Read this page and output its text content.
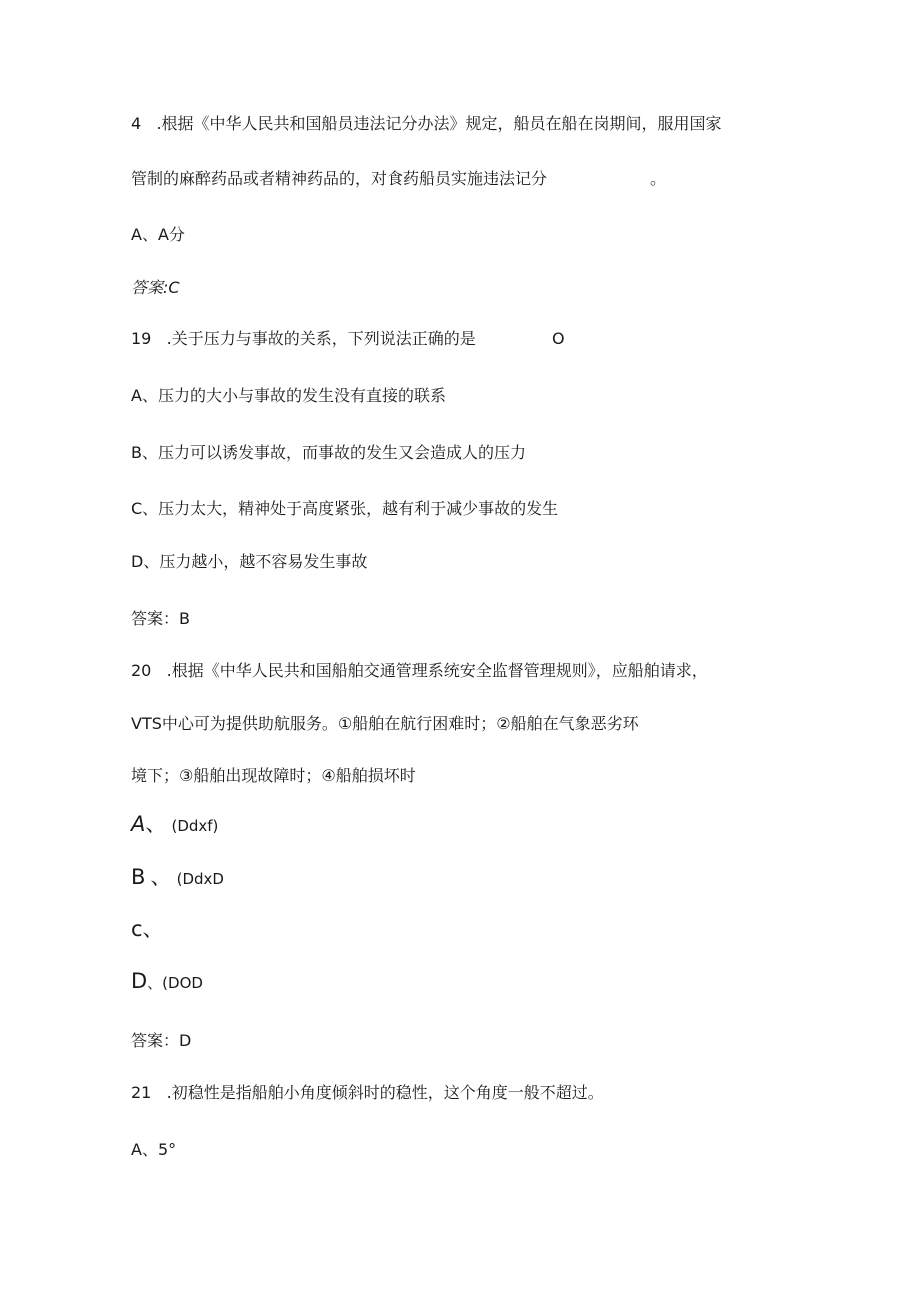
4 .根据《中华人民共和国船员违法记分办法》规定，船员在船在岗期间，服用国家
管制的麻醉药品或者精神药品的，对食药船员实施违法记分	。
A、A分
答案:C
19 .关于压力与事故的关系，下列说法正确的是	O
A、压力的大小与事故的发生没有直接的联系
B、压力可以诱发事故，而事故的发生又会造成人的压力
C、压力太大，精神处于高度紧张，越有利于减少事故的发生
D、压力越小，越不容易发生事故
答案：B
20 .根据《中华人民共和国船舶交通管理系统安全监督管理规则》，应船舶请求，
VTS中心可为提供助航服务。①船舶在航行困难时；②船舶在气象恶劣环
境下；③船舶出现故障时；④船舶损坏时
A、 (Ddxf)
B 、 (DdxD
c、
D、(DOD
答案：D
21 .初稳性是指船舶小角度倾斜时的稳性，这个角度一般不超过。
A、5°
